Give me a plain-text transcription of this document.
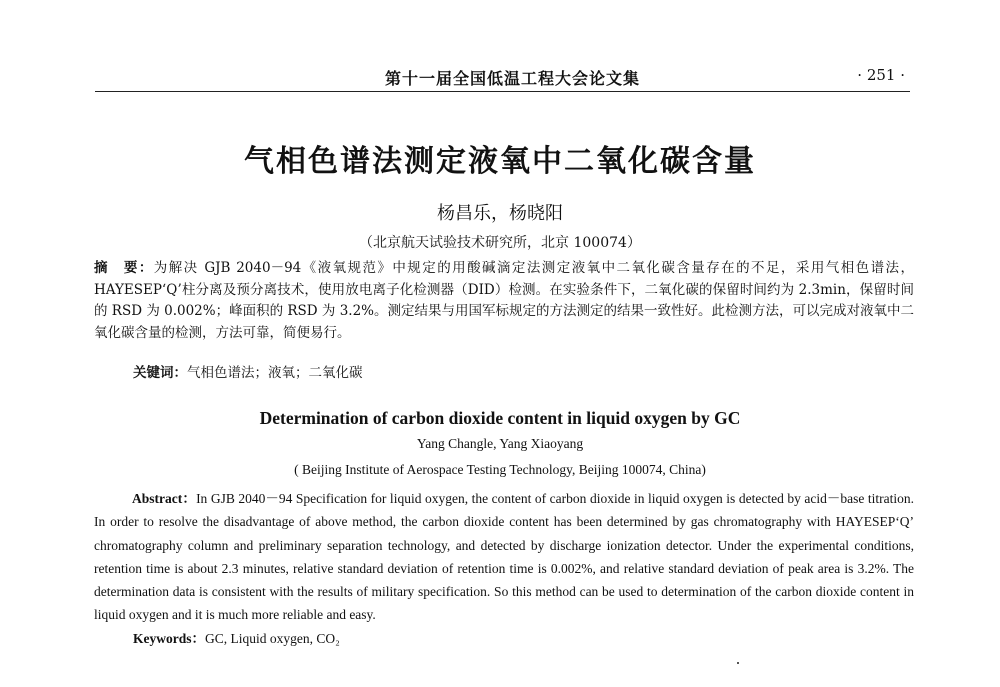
第十一届全国低温工程大会论文集	· 251 ·
气相色谱法测定液氧中二氧化碳含量
杨昌乐，杨晓阳
（北京航天试验技术研究所，北京 100074）
摘　要：为解决 GJB 2040－94《液氧规范》中规定的用酸碱滴定法测定液氧中二氧化碳含量存在的不足，采用气相色谱法，HAYESEP‘Q’柱分离及预分离技术，使用放电离子化检测器（DID）检测。在实验条件下，二氧化碳的保留时间约为 2.3min，保留时间的 RSD 为 0.002%；峰面积的 RSD 为 3.2%。测定结果与用国军标规定的方法测定的结果一致性好。此检测方法，可以完成对液氧中二氧化碳含量的检测，方法可靠，简便易行。
关键词：气相色谱法；液氧；二氧化碳
Determination of carbon dioxide content in liquid oxygen by GC
Yang Changle, Yang Xiaoyang
( Beijing Institute of Aerospace Testing Technology, Beijing 100074, China)
Abstract：In GJB 2040－94 Specification for liquid oxygen, the content of carbon dioxide in liquid oxygen is detected by acid－base titration. In order to resolve the disadvantage of above method, the carbon dioxide content has been determined by gas chromatography with HAYESEP‘Q’ chromatography column and preliminary separation technology, and detected by discharge ionization detector. Under the experimental conditions, retention time is about 2.3 minutes, relative standard deviation of retention time is 0.002%, and relative standard deviation of peak area is 3.2%. The determination data is consistent with the results of military specification. So this method can be used to determination of the carbon dioxide content in liquid oxygen and it is much more reliable and easy.
Keywords：GC, Liquid oxygen, CO₂
